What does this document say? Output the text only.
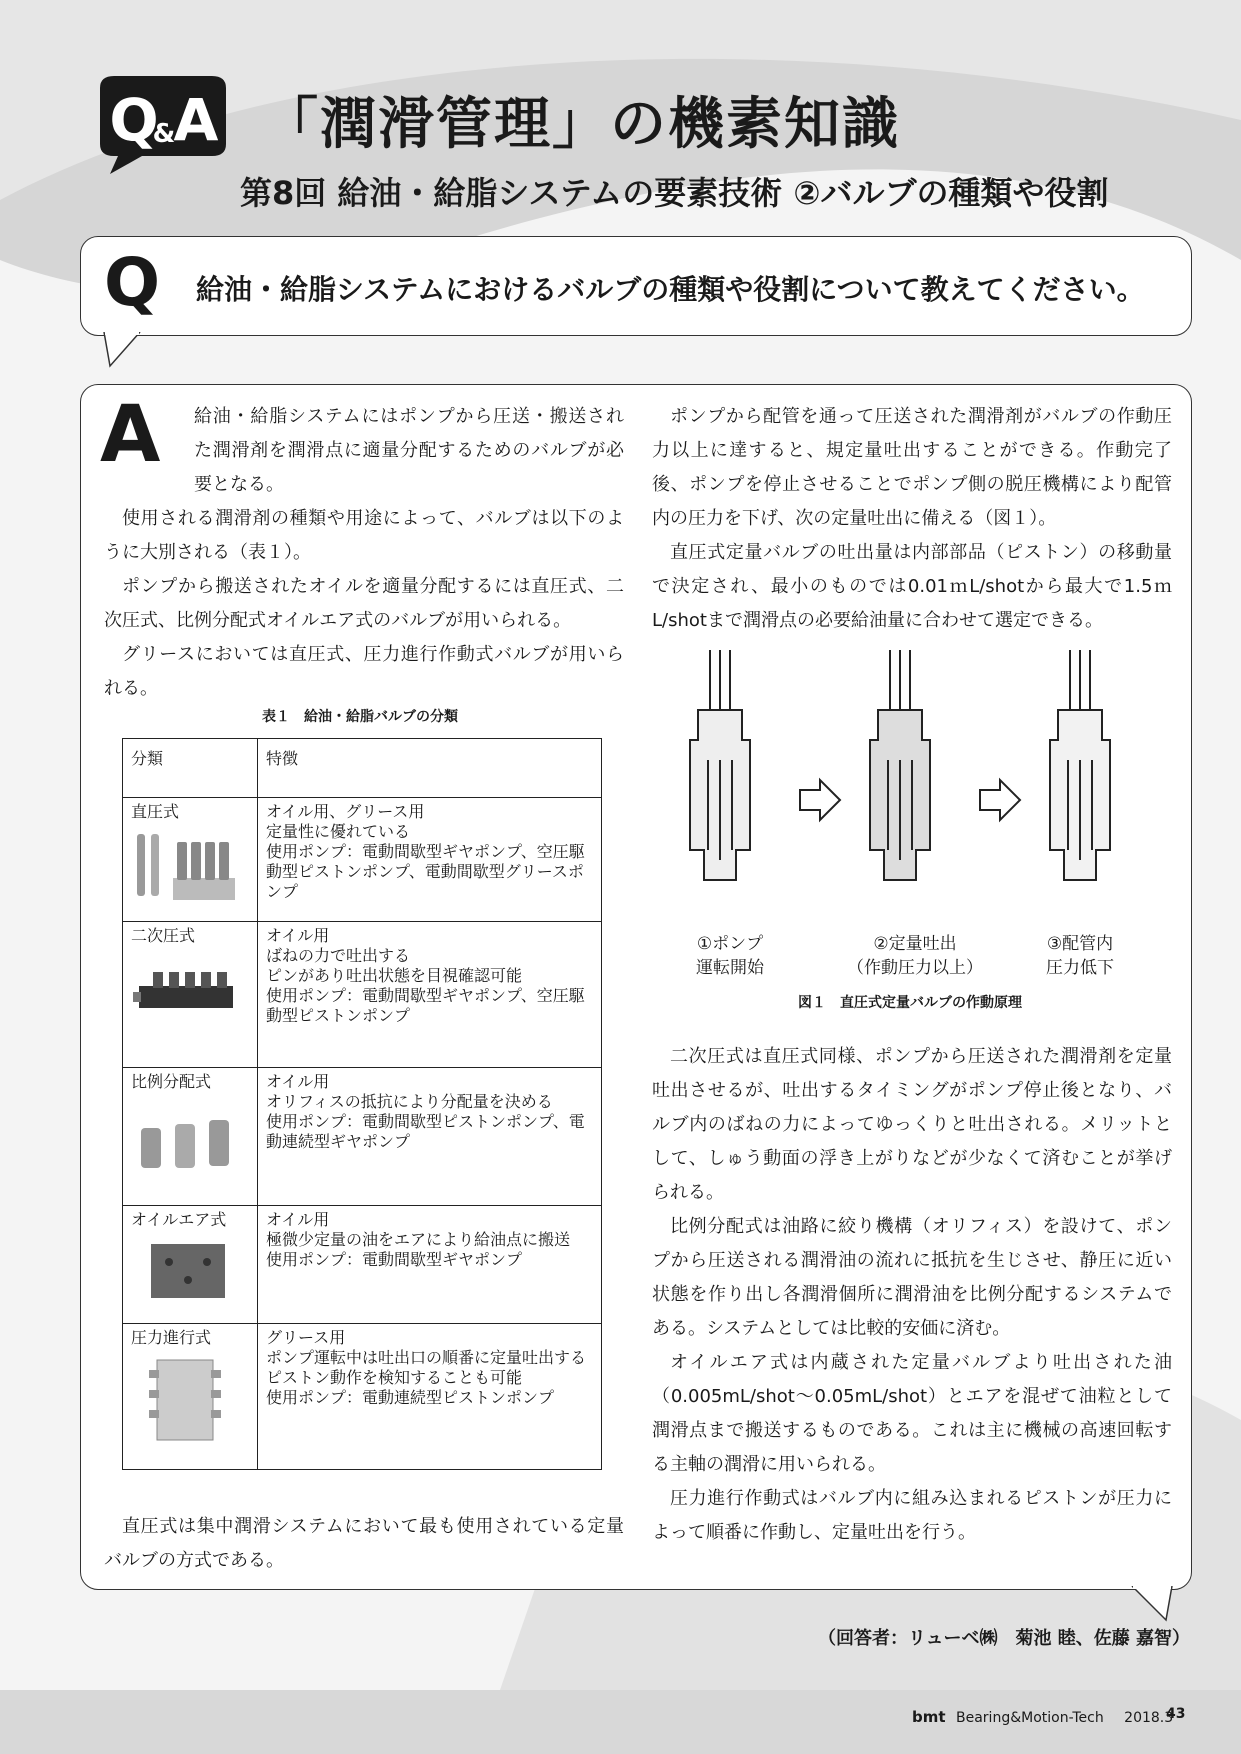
Q
&
A 「潤滑管理」の機素知識
第8回 給油・給脂システムの要素技術 ②バルブの種類や役割
Q 給油・給脂システムにおけるバルブの種類や役割について教えてください。
A	給油・給脂システムにはポンプから圧送・搬送された潤滑剤を潤滑点に適量分配するためのバルブが必要となる。

使用される潤滑剤の種類や用途によって、バルブは以下のように大別される（表１）。

ポンプから搬送されたオイルを適量分配するには直圧式、二次圧式、比例分配式オイルエア式のバルブが用いられる。

グリースにおいては直圧式、圧力進行作動式バルブが用いられる。

表１　給油・給脂バルブの分類
分類	特徴

直圧式	オイル用、グリース用
定量性に優れている
使用ポンプ：電動間歇型ギヤポンプ、空圧駆動型ピストンポンプ、電動間歇型グリースポンプ

二次圧式	オイル用
ばねの力で吐出する
ピンがあり吐出状態を目視確認可能
使用ポンプ：電動間歇型ギヤポンプ、空圧駆動型ピストンポンプ

比例分配式	オイル用
オリフィスの抵抗により分配量を決める
使用ポンプ：電動間歇型ピストンポンプ、電動連続型ギヤポンプ

オイルエア式	オイル用
極微少定量の油をエアにより給油点に搬送
使用ポンプ：電動間歇型ギヤポンプ

圧力進行式	グリース用
ポンプ運転中は吐出口の順番に定量吐出する
ピストン動作を検知することも可能
使用ポンプ：電動連続型ピストンポンプ

直圧式は集中潤滑システムにおいて最も使用されている定量バルブの方式である。

ポンプから配管を通って圧送された潤滑剤がバルブの作動圧力以上に達すると、規定量吐出することができる。作動完了後、ポンプを停止させることでポンプ側の脱圧機構により配管内の圧力を下げ、次の定量吐出に備える（図１）。

直圧式定量バルブの吐出量は内部部品（ピストン）の移動量で決定され、最小のものでは0.01ｍL/shotから最大で1.5ｍL/shotまで潤滑点の必要給油量に合わせて選定できる。

①ポンプ
運転開始
②定量吐出
（作動圧力以上）
③配管内
圧力低下
図１　直圧式定量バルブの作動原理

二次圧式は直圧式同様、ポンプから圧送された潤滑剤を定量吐出させるが、吐出するタイミングがポンプ停止後となり、バルブ内のばねの力によってゆっくりと吐出される。メリットとして、しゅう動面の浮き上がりなどが少なくて済むことが挙げられる。

比例分配式は油路に絞り機構（オリフィス）を設けて、ポンプから圧送される潤滑油の流れに抵抗を生じさせ、静圧に近い状態を作り出し各潤滑個所に潤滑油を比例分配するシステムである。システムとしては比較的安価に済む。

オイルエア式は内蔵された定量バルブより吐出された油（0.005mL/shot～0.05mL/shot）とエアを混ぜて油粒として潤滑点まで搬送するものである。これは主に機械の高速回転する主軸の潤滑に用いられる。

圧力進行作動式はバルブ内に組み込まれるピストンが圧力によって順番に作動し、定量吐出を行う。

（回答者：リューベ㈱　菊池 睦、佐藤 嘉智）
bmt Bearing&Motion-Tech 2018.3
43
